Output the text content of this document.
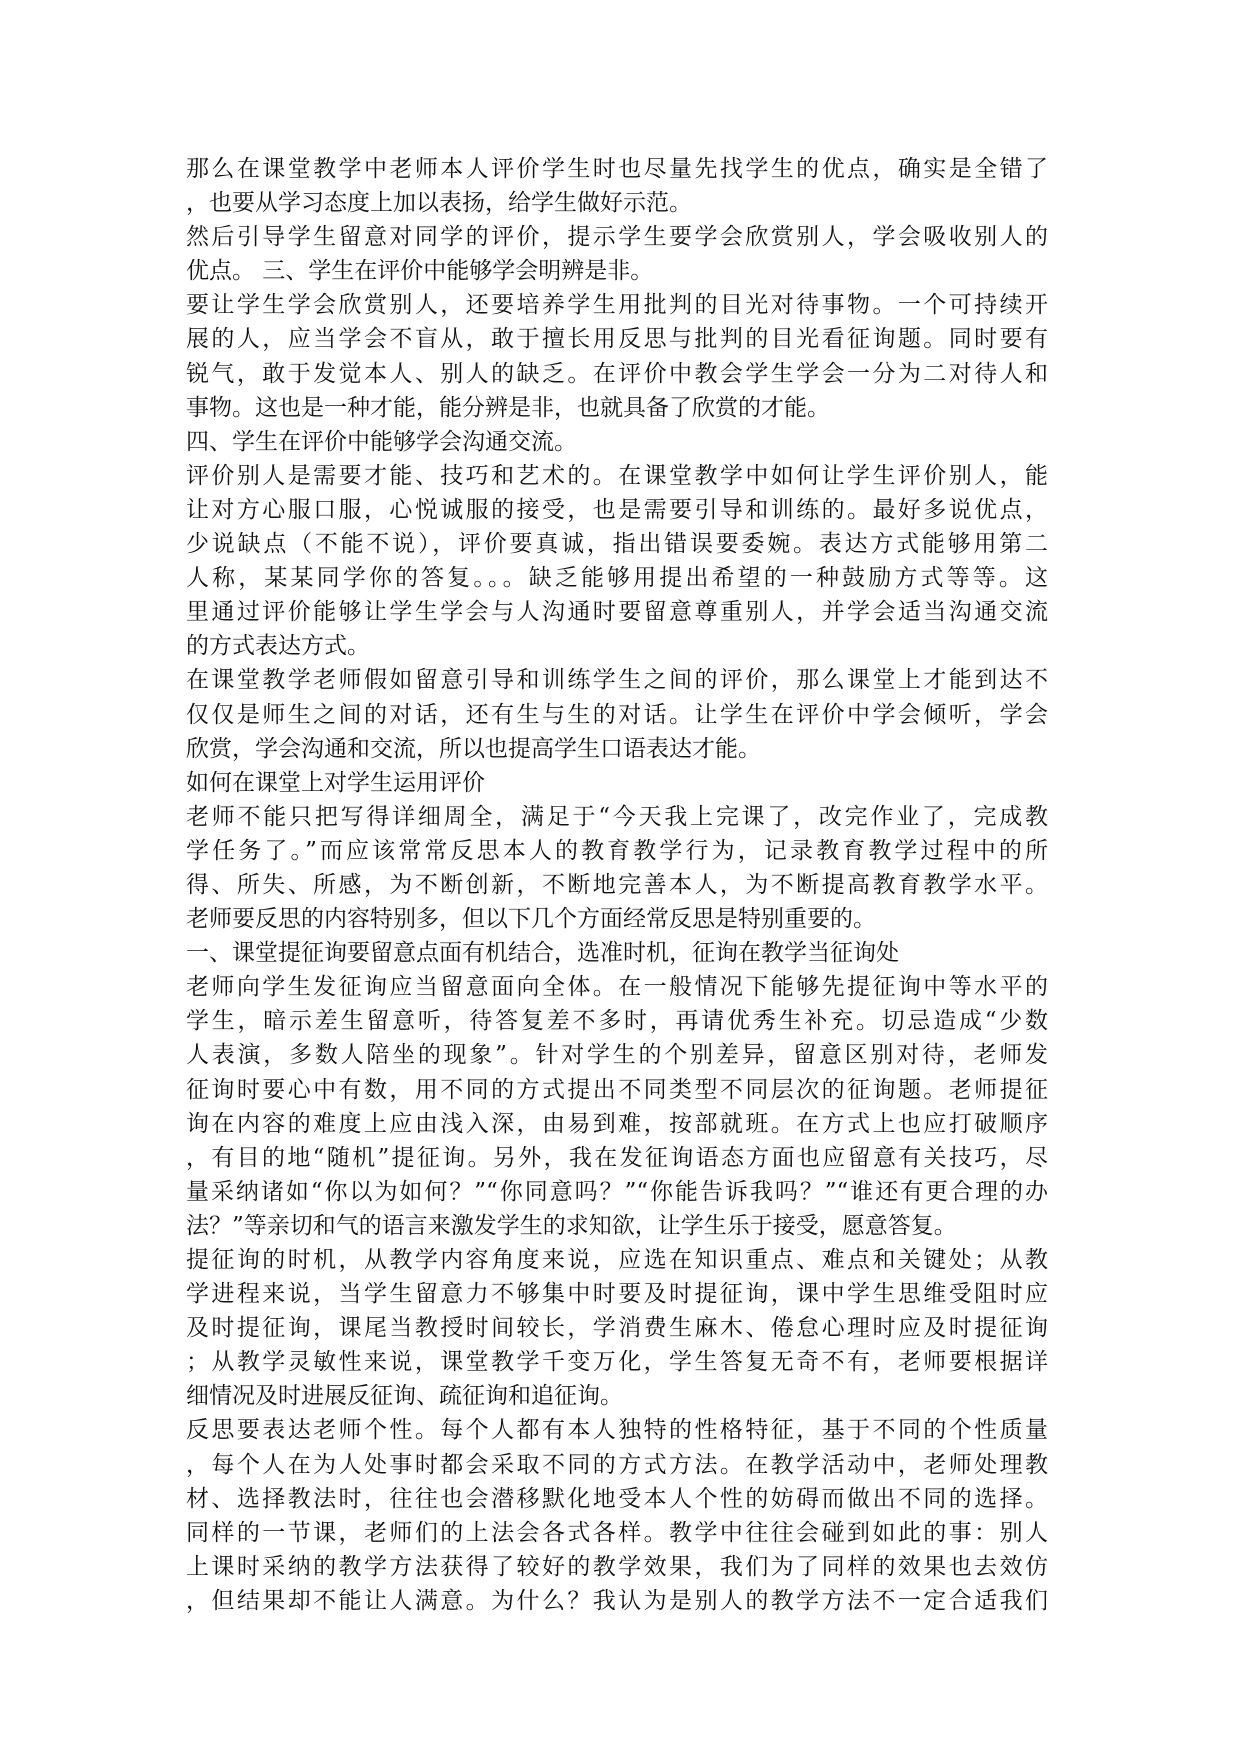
那么在课堂教学中老师本人评价学生时也尽量先找学生的优点，确实是全错了
，也要从学习态度上加以表扬，给学生做好示范。
然后引导学生留意对同学的评价，提示学生要学会欣赏别人，学会吸收别人的
优点。 三、学生在评价中能够学会明辨是非。
要让学生学会欣赏别人，还要培养学生用批判的目光对待事物。一个可持续开
展的人，应当学会不盲从，敢于擅长用反思与批判的目光看征询题。同时要有
锐气，敢于发觉本人、别人的缺乏。在评价中教会学生学会一分为二对待人和
事物。这也是一种才能，能分辨是非，也就具备了欣赏的才能。
四、学生在评价中能够学会沟通交流。
评价别人是需要才能、技巧和艺术的。在课堂教学中如何让学生评价别人，能
让对方心服口服，心悦诚服的接受，也是需要引导和训练的。最好多说优点，
少说缺点（不能不说），评价要真诚，指出错误要委婉。表达方式能够用第二
人称，某某同学你的答复。。。缺乏能够用提出希望的一种鼓励方式等等。这
里通过评价能够让学生学会与人沟通时要留意尊重别人，并学会适当沟通交流
的方式表达方式。
在课堂教学老师假如留意引导和训练学生之间的评价，那么课堂上才能到达不
仅仅是师生之间的对话，还有生与生的对话。让学生在评价中学会倾听，学会
欣赏，学会沟通和交流，所以也提高学生口语表达才能。
如何在课堂上对学生运用评价
老师不能只把写得详细周全，满足于“今天我上完课了，改完作业了，完成教
学任务了。”而应该常常反思本人的教育教学行为，记录教育教学过程中的所
得、所失、所感，为不断创新，不断地完善本人，为不断提高教育教学水平。
老师要反思的内容特别多，但以下几个方面经常反思是特别重要的。
一、课堂提征询要留意点面有机结合，选准时机，征询在教学当征询处
老师向学生发征询应当留意面向全体。在一般情况下能够先提征询中等水平的
学生，暗示差生留意听，待答复差不多时，再请优秀生补充。切忌造成“少数
人表演，多数人陪坐的现象”。针对学生的个别差异，留意区别对待，老师发
征询时要心中有数，用不同的方式提出不同类型不同层次的征询题。老师提征
询在内容的难度上应由浅入深，由易到难，按部就班。在方式上也应打破顺序
，有目的地“随机”提征询。另外，我在发征询语态方面也应留意有关技巧，尽
量采纳诸如“你以为如何？”“你同意吗？”“你能告诉我吗？”“谁还有更合理的办
法？”等亲切和气的语言来激发学生的求知欲，让学生乐于接受，愿意答复。
提征询的时机，从教学内容角度来说，应选在知识重点、难点和关键处；从教
学进程来说，当学生留意力不够集中时要及时提征询，课中学生思维受阻时应
及时提征询，课尾当教授时间较长，学消费生麻木、倦怠心理时应及时提征询
；从教学灵敏性来说，课堂教学千变万化，学生答复无奇不有，老师要根据详
细情况及时进展反征询、疏征询和追征询。
反思要表达老师个性。每个人都有本人独特的性格特征，基于不同的个性质量
，每个人在为人处事时都会采取不同的方式方法。在教学活动中，老师处理教
材、选择教法时，往往也会潜移默化地受本人个性的妨碍而做出不同的选择。
同样的一节课，老师们的上法会各式各样。教学中往往会碰到如此的事：别人
上课时采纳的教学方法获得了较好的教学效果，我们为了同样的效果也去效仿
，但结果却不能让人满意。为什么？我认为是别人的教学方法不一定合适我们
